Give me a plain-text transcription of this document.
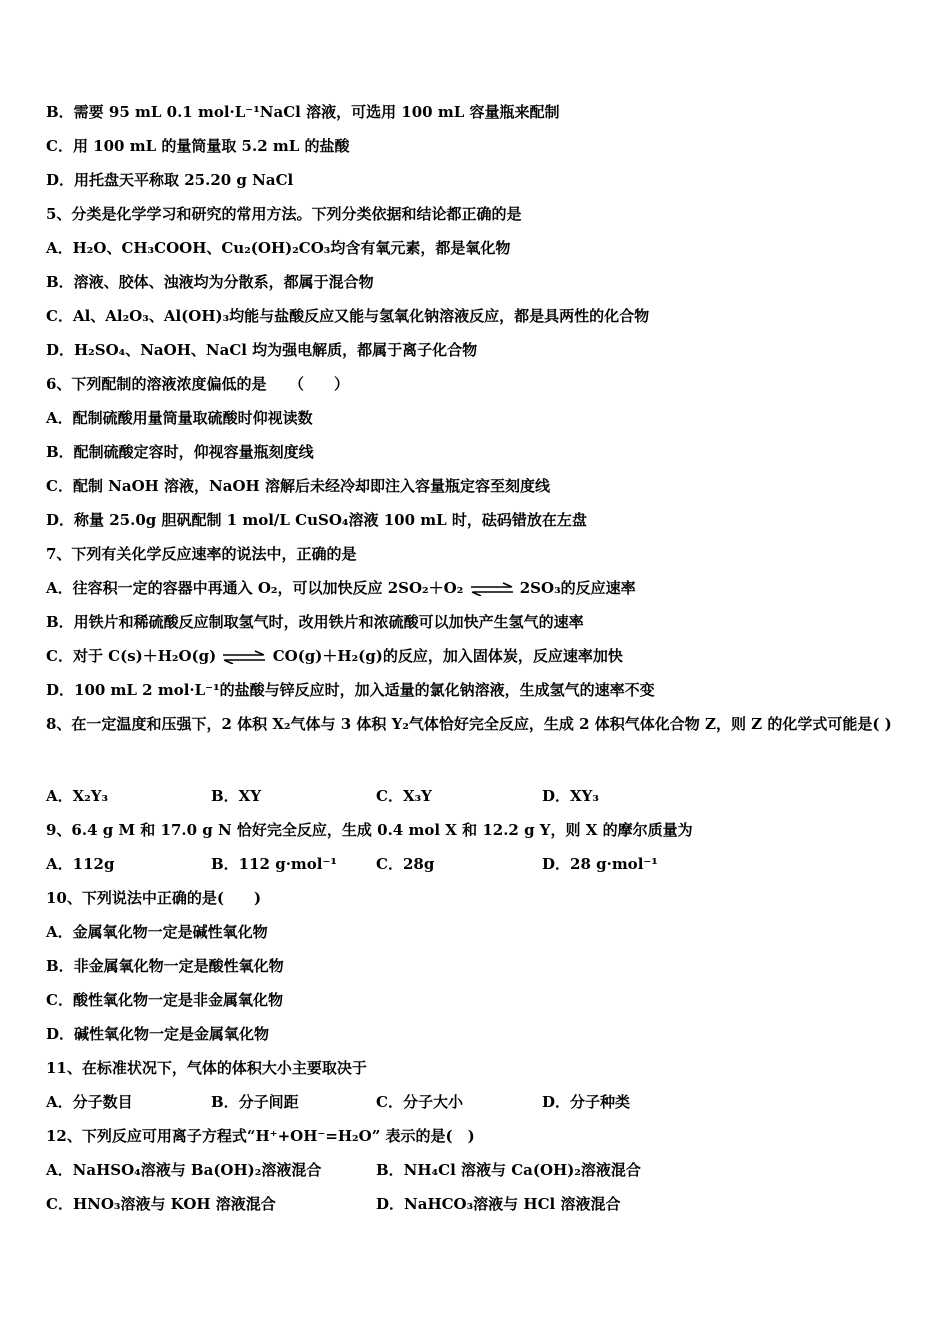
B．需要 95 mL 0.1 mol·L⁻¹NaCl 溶液，可选用 100 mL 容量瓶来配制
C．用 100 mL 的量筒量取 5.2 mL 的盐酸
D．用托盘天平称取 25.20 g NaCl
5、分类是化学学习和研究的常用方法。下列分类依据和结论都正确的是
A．H₂O、CH₃COOH、Cu₂(OH)₂CO₃均含有氧元素，都是氧化物
B．溶液、胶体、浊液均为分散系，都属于混合物
C．Al、Al₂O₃、Al(OH)₃均能与盐酸反应又能与氢氧化钠溶液反应，都是具两性的化合物
D．H₂SO₄、NaOH、NaCl 均为强电解质，都属于离子化合物
6、下列配制的溶液浓度偏低的是　　（　　）
A．配制硫酸用量筒量取硫酸时仰视读数
B．配制硫酸定容时，仰视容量瓶刻度线
C．配制 NaOH 溶液，NaOH 溶解后未经冷却即注入容量瓶定容至刻度线
D．称量 25.0g 胆矾配制 1 mol/L CuSO₄溶液 100 mL 时，砝码错放在左盘
7、下列有关化学反应速率的说法中，正确的是
A．往容积一定的容器中再通入 O₂，可以加快反应 2SO₂＋O₂ ⇌ 2SO₃的反应速率
B．用铁片和稀硫酸反应制取氢气时，改用铁片和浓硫酸可以加快产生氢气的速率
C．对于 C(s)＋H₂O(g) ⇌ CO(g)＋H₂(g)的反应，加入固体炭，反应速率加快
D．100 mL 2 mol·L⁻¹的盐酸与锌反应时，加入适量的氯化钠溶液，生成氢气的速率不变
8、在一定温度和压强下，2 体积 X₂气体与 3 体积 Y₂气体恰好完全反应，生成 2 体积气体化合物 Z，则 Z 的化学式可能是( )
A．X₂Y₃	B．XY	C．X₃Y	D．XY₃
9、6.4 g M 和 17.0 g N 恰好完全反应，生成 0.4 mol X 和 12.2 g Y，则 X 的摩尔质量为
A．112g	B．112 g·mol⁻¹	C．28g	D．28 g·mol⁻¹
10、下列说法中正确的是(　　)
A．金属氧化物一定是碱性氧化物
B．非金属氧化物一定是酸性氧化物
C．酸性氧化物一定是非金属氧化物
D．碱性氧化物一定是金属氧化物
11、在标准状况下，气体的体积大小主要取决于
A．分子数目	B．分子间距	C．分子大小	D．分子种类
12、下列反应可用离子方程式“H⁺+OH⁻=H₂O” 表示的是(　)
A．NaHSO₄溶液与 Ba(OH)₂溶液混合	B．NH₄Cl 溶液与 Ca(OH)₂溶液混合
C．HNO₃溶液与 KOH 溶液混合	D．NaHCO₃溶液与 HCl 溶液混合
